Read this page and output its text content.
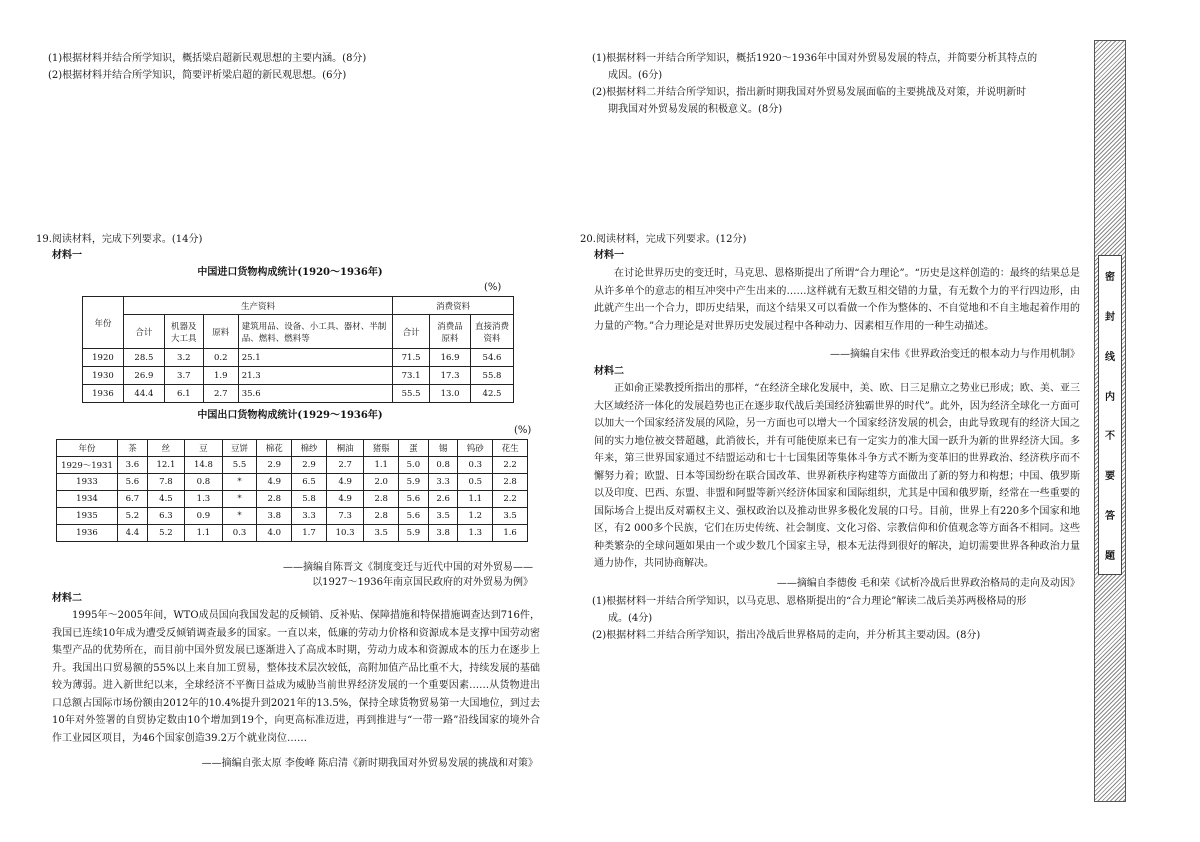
(1)根据材料并结合所学知识，概括梁启超新民观思想的主要内涵。(8分)
(2)根据材料并结合所学知识，简要评析梁启超的新民观思想。(6分)
19.阅读材料，完成下列要求。(14分)
材料一
中国进口货物构成统计(1920～1936年)
(%)
年份	生产资料				消费资料		
	合计	机器及大工具	原料	建筑用品、设备、小工具、器材、半制品、燃料、燃料等	合计	消费品原料	直接消费资料
1920	28.5	3.2	0.2	25.1	71.5	16.9	54.6
1930	26.9	3.7	1.9	21.3	73.1	17.3	55.8
1936	44.4	6.1	2.7	35.6	55.5	13.0	42.5
中国出口货物构成统计(1929～1936年)
(%)
年份	茶	丝	豆	豆饼	棉花	棉纱	桐油	猪鬃	蛋	锡	钨砂	花生
1929～1931	3.6	12.1	14.8	5.5	2.9	2.9	2.7	1.1	5.0	0.8	0.3	2.2
1933	5.6	7.8	0.8	*	4.9	6.5	4.9	2.0	5.9	3.3	0.5	2.8
1934	6.7	4.5	1.3	*	2.8	5.8	4.9	2.8	5.6	2.6	1.1	2.2
1935	5.2	6.3	0.9	*	3.8	3.3	7.3	2.8	5.6	3.5	1.2	3.5
1936	4.4	5.2	1.1	0.3	4.0	1.7	10.3	3.5	5.9	3.8	1.3	1.6
——摘编自陈晋文《制度变迁与近代中国的对外贸易——
以1927～1936年南京国民政府的对外贸易为例》
材料二
1995年～2005年间，WTO成员国向我国发起的反倾销、反补贴、保障措施和特保措施调查达到716件，我国已连续10年成为遭受反倾销调查最多的国家。一直以来，低廉的劳动力价格和资源成本是支撑中国劳动密集型产品的优势所在，而目前中国外贸发展已逐渐进入了高成本时期，劳动力成本和资源成本的压力在逐步上升。我国出口贸易额的55%以上来自加工贸易，整体技术层次较低，高附加值产品比重不大，持续发展的基础较为薄弱。进入新世纪以来，全球经济不平衡日益成为威胁当前世界经济发展的一个重要因素……从货物进出口总额占国际市场份额由2012年的10.4%提升到2021年的13.5%，保持全球货物贸易第一大国地位，到过去10年对外签署的自贸协定数由10个增加到19个，向更高标准迈进，再到推进与“一带一路”沿线国家的境外合作工业园区项目，为46个国家创造39.2万个就业岗位……
——摘编自张太原 李俊峰 陈启清《新时期我国对外贸易发展的挑战和对策》
(1)根据材料一并结合所学知识，概括1920～1936年中国对外贸易发展的特点，并简要分析其特点的
成因。(6分)
(2)根据材料二并结合所学知识，指出新时期我国对外贸易发展面临的主要挑战及对策，并说明新时
期我国对外贸易发展的积极意义。(8分)
20.阅读材料，完成下列要求。(12分)
材料一
在讨论世界历史的变迁时，马克思、恩格斯提出了所谓“合力理论”。“历史是这样创造的：最终的结果总是从许多单个的意志的相互冲突中产生出来的……这样就有无数互相交错的力量，有无数个力的平行四边形，由此就产生出一个合力，即历史结果，而这个结果又可以看做一个作为整体的、不自觉地和不自主地起着作用的力量的产物。”合力理论是对世界历史发展过程中各种动力、因素相互作用的一种生动描述。
——摘编自宋伟《世界政治变迁的根本动力与作用机制》
材料二
正如俞正梁教授所指出的那样，“在经济全球化发展中，美、欧、日三足鼎立之势业已形成；欧、美、亚三大区域经济一体化的发展趋势也正在逐步取代战后美国经济独霸世界的时代”。此外，因为经济全球化一方面可以加大一个国家经济发展的风险，另一方面也可以增大一个国家经济发展的机会，由此导致现有的经济大国之间的实力地位被交替超越，此消彼长，并有可能使原来已有一定实力的准大国一跃升为新的世界经济大国。多年来，第三世界国家通过不结盟运动和七十七国集团等集体斗争方式不断为变革旧的世界政治、经济秩序而不懈努力着；欧盟、日本等国纷纷在联合国改革、世界新秩序构建等方面做出了新的努力和构想；中国、俄罗斯以及印度、巴西、东盟、非盟和阿盟等新兴经济体国家和国际组织，尤其是中国和俄罗斯，经常在一些重要的国际场合上提出反对霸权主义、强权政治以及推动世界多极化发展的口号。目前，世界上有220多个国家和地区，有2 000多个民族，它们在历史传统、社会制度、文化习俗、宗教信仰和价值观念等方面各不相同。这些种类繁杂的全球问题如果由一个或少数几个国家主导，根本无法得到很好的解决，迫切需要世界各种政治力量通力协作，共同协商解决。
——摘编自李德俊 毛和荣《试析冷战后世界政治格局的走向及动因》
(1)根据材料一并结合所学知识，以马克思、恩格斯提出的“合力理论”解读二战后美苏两极格局的形
成。(4分)
(2)根据材料二并结合所学知识，指出冷战后世界格局的走向，并分析其主要动因。(8分)
密
封
线
内
不
要
答
题
